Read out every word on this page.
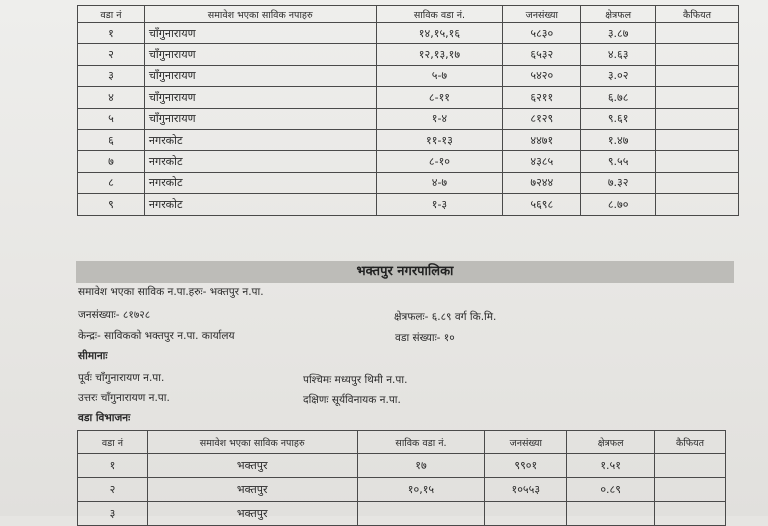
वडा नं	समावेश भएका साविक नपाहरु	साविक वडा नं.	जनसंख्या	क्षेत्रफल	कैफियत
१	चाँगुनारायण	१४,१५,१६	५८३०	३.८७	
२	चाँगुनारायण	१२,१३,१७	६५३२	४.६३	
३	चाँगुनारायण	५-७	५४२०	३.०२	
४	चाँगुनारायण	८-११	६२११	६.७८	
५	चाँगुनारायण	१-४	८१२९	९.६१	
६	नगरकोट	११-१३	४४७१	१.४७	
७	नगरकोट	८-१०	४३८५	९.५५	
८	नगरकोट	४-७	७२४४	७.३२	
९	नगरकोट	१-३	५६९८	८.७०	
भक्तपुर नगरपालिका
समावेश भएका साविक न.पा.हरुः- भक्तपुर न.पा.
जनसंख्याः- ८१७२८	क्षेत्रफलः- ६.८९ वर्ग कि.मि.
केन्द्रः- साविकको भक्तपुर न.पा. कार्यालय	वडा संख्याः- १०
सीमानाः
पूर्वः चाँगुनारायण न.पा.	पश्चिमः मध्यपुर थिमी न.पा.
उत्तरः चाँगुनारायण न.पा.	दक्षिणः सूर्यविनायक न.पा.
वडा विभाजनः
वडा नं	समावेश भएका साविक नपाहरु	साविक वडा नं.	जनसंख्या	क्षेत्रफल	कैफियत
१	भक्तपुर	१७	९९०१	१.५१	
२	भक्तपुर	१०,१५	१०५५३	०.८९	
३	भक्तपुर				
